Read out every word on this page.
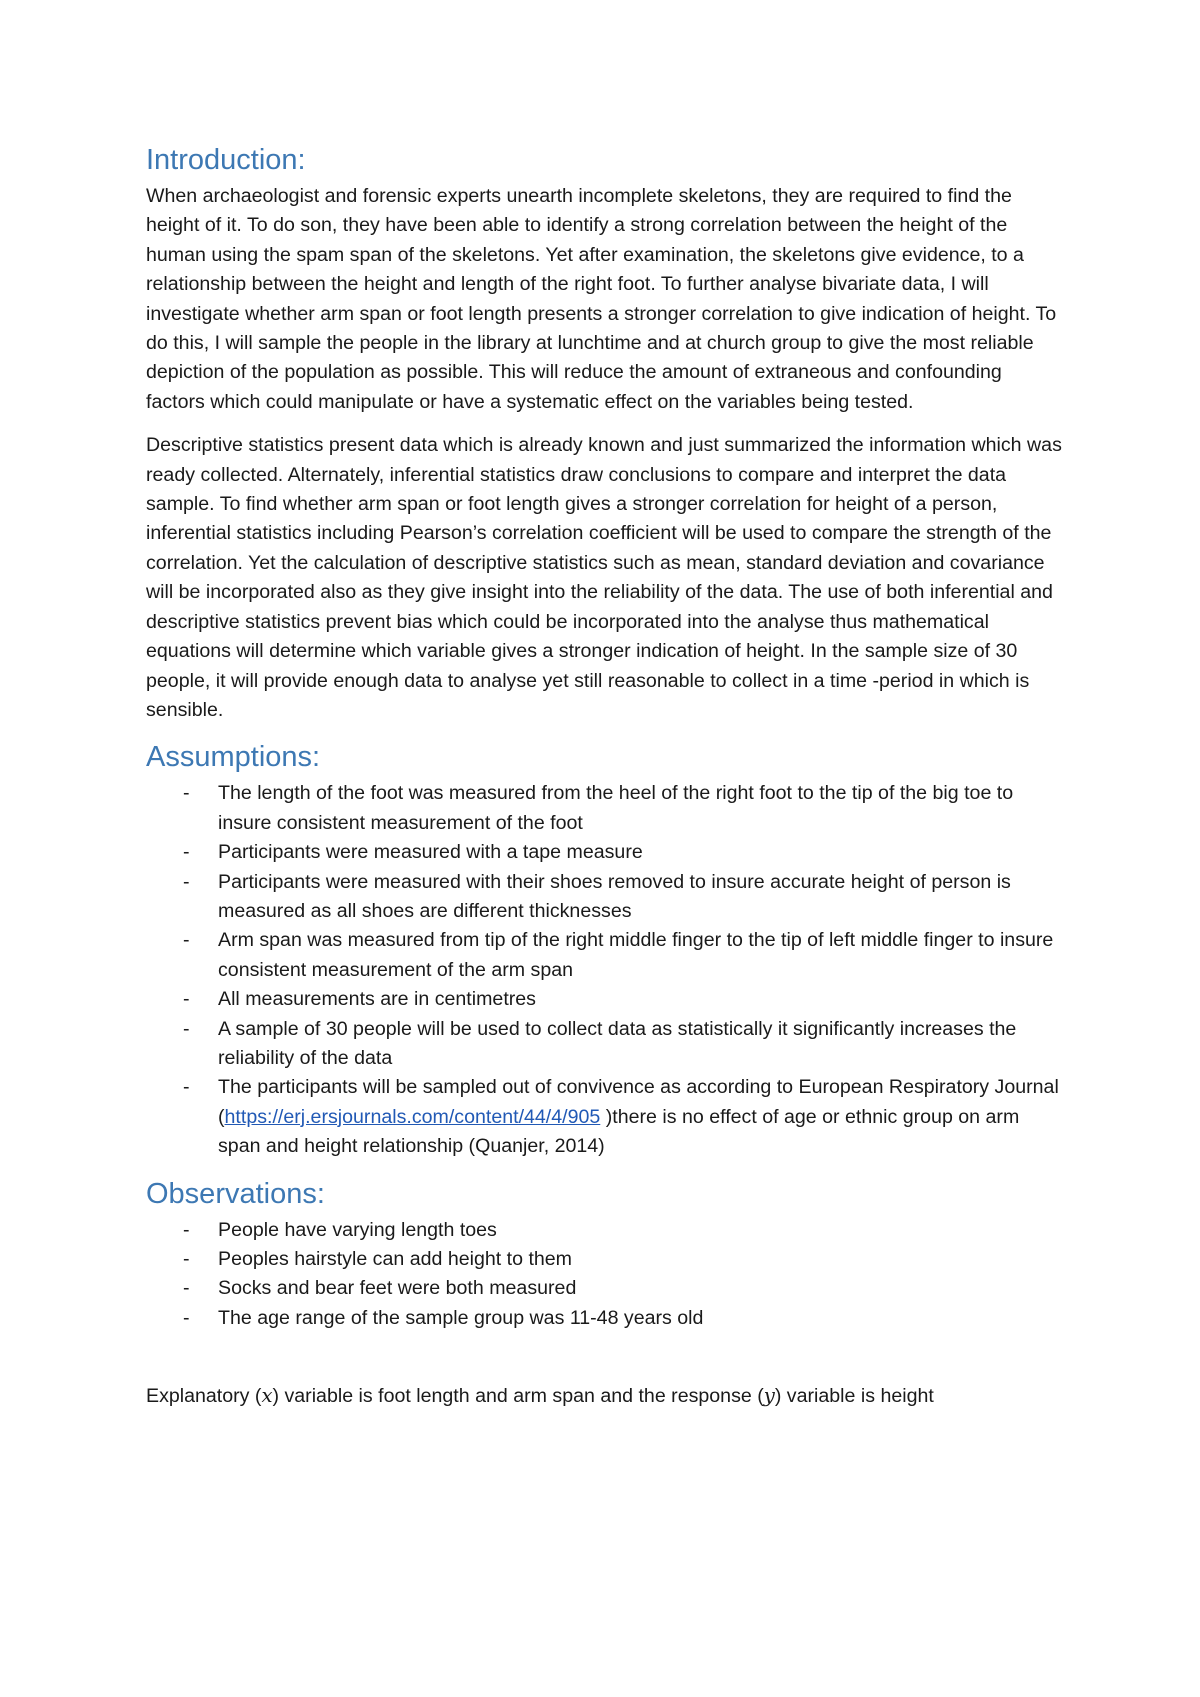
Introduction:

When archaeologist and forensic experts unearth incomplete skeletons, they are required to find the height of it. To do son, they have been able to identify a strong correlation between the height of the human using the spam span of the skeletons. Yet after examination, the skeletons give evidence, to a relationship between the height and length of the right foot. To further analyse bivariate data, I will investigate whether arm span or foot length presents a stronger correlation to give indication of height. To do this, I will sample the people in the library at lunchtime and at church group to give the most reliable depiction of the population as possible. This will reduce the amount of extraneous and confounding factors which could manipulate or have a systematic effect on the variables being tested.

Descriptive statistics present data which is already known and just summarized the information which was ready collected. Alternately, inferential statistics draw conclusions to compare and interpret the data sample. To find whether arm span or foot length gives a stronger correlation for height of a person, inferential statistics including Pearson’s correlation coefficient will be used to compare the strength of the correlation. Yet the calculation of descriptive statistics such as mean, standard deviation and covariance will be incorporated also as they give insight into the reliability of the data. The use of both inferential and descriptive statistics prevent bias which could be incorporated into the analyse thus mathematical equations will determine which variable gives a stronger indication of height. In the sample size of 30 people, it will provide enough data to analyse yet still reasonable to collect in a time -period in which is sensible.

Assumptions:
- The length of the foot was measured from the heel of the right foot to the tip of the big toe to insure consistent measurement of the foot
- Participants were measured with a tape measure
- Participants were measured with their shoes removed to insure accurate height of person is measured as all shoes are different thicknesses
- Arm span was measured from tip of the right middle finger to the tip of left middle finger to insure consistent measurement of the arm span
- All measurements are in centimetres
- A sample of 30 people will be used to collect data as statistically it significantly increases the reliability of the data
- The participants will be sampled out of convivence as according to European Respiratory Journal (https://erj.ersjournals.com/content/44/4/905 )there is no effect of age or ethnic group on arm span and height relationship (Quanjer, 2014)
Observations:
- People have varying length toes
- Peoples hairstyle can add height to them
- Socks and bear feet were both measured
- The age range of the sample group was 11-48 years old

Explanatory (x) variable is foot length and arm span and the response (y) variable is height
